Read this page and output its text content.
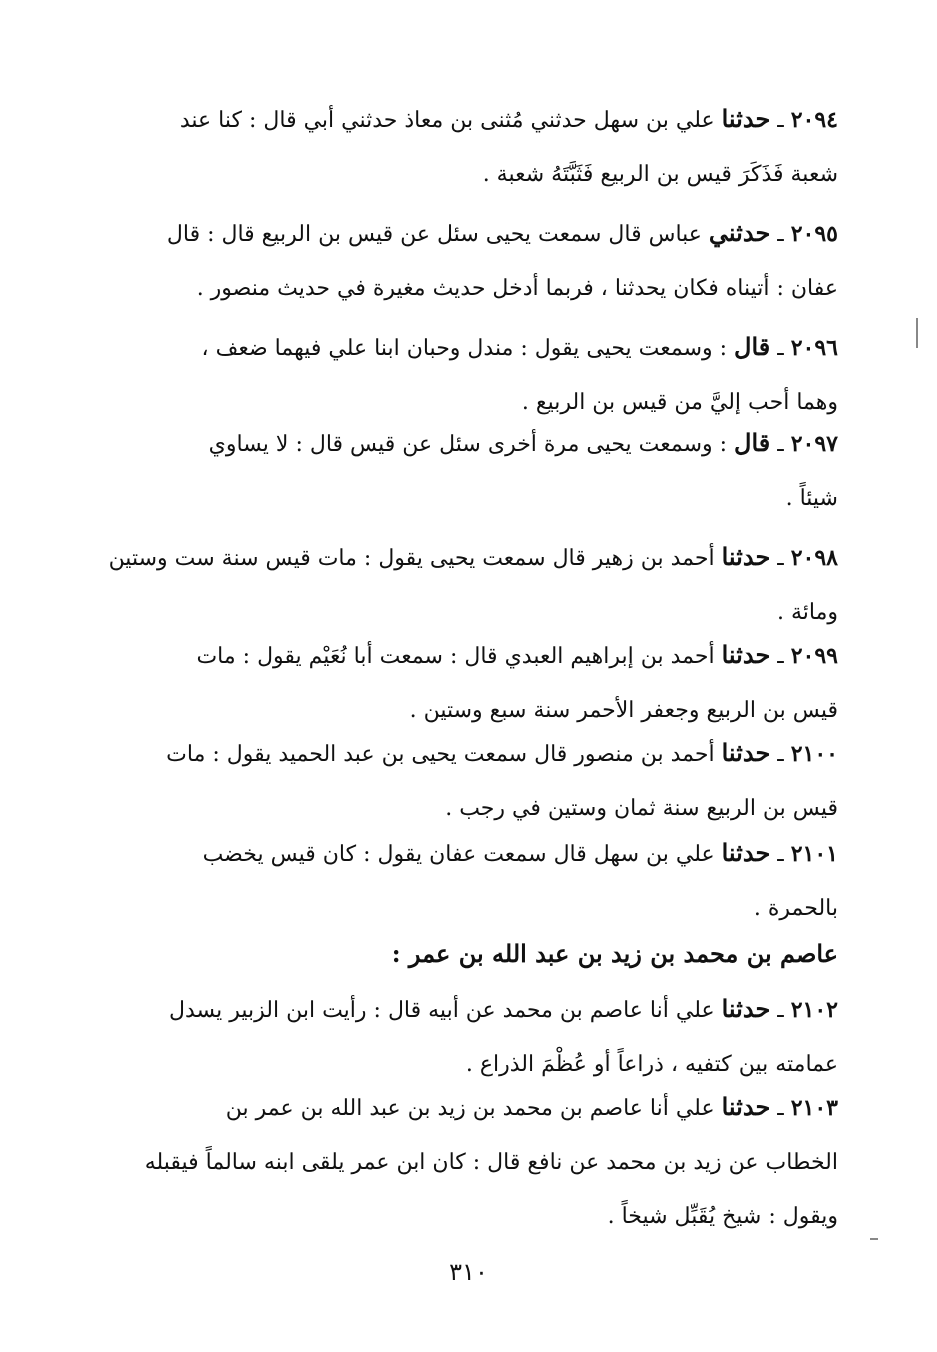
٢٠٩٤ ـ حدثنا علي بن سهل حدثني مُثنى بن معاذ حدثني أبي قال : كنا عند
شعبة فَذَكَرَ قيس بن الربيع فَثَبَّتَهُ شعبة .
٢٠٩٥ ـ حدثني عباس قال سمعت يحيى سئل عن قيس بن الربيع قال : قال
عفان : أتيناه فكان يحدثنا ، فربما أدخل حديث مغيرة في حديث منصور .
٢٠٩٦ ـ قال : وسمعت يحيى يقول : مندل وحبان ابنا علي فيهما ضعف ،
وهما أحب إليَّ من قيس بن الربيع .
٢٠٩٧ ـ قال : وسمعت يحيى مرة أخرى سئل عن قيس قال : لا يساوي
شيئاً .
٢٠٩٨ ـ حدثنا أحمد بن زهير قال سمعت يحيى يقول : مات قيس سنة ست وستين
ومائة .
٢٠٩٩ ـ حدثنا أحمد بن إبراهيم العبدي قال : سمعت أبا نُعَيْم يقول : مات
قيس بن الربيع وجعفر الأحمر سنة سبع وستين .
٢١٠٠ ـ حدثنا أحمد بن منصور قال سمعت يحيى بن عبد الحميد يقول : مات
قيس بن الربيع سنة ثمان وستين في رجب .
٢١٠١ ـ حدثنا علي بن سهل قال سمعت عفان يقول : كان قيس يخضب
بالحمرة .
عاصم بن محمد بن زيد بن عبد الله بن عمر :
٢١٠٢ ـ حدثنا علي أنا عاصم بن محمد عن أبيه قال : رأيت ابن الزبير يسدل
عمامته بين كتفيه ، ذراعاً أو عُظْمَ الذراع .
٢١٠٣ ـ حدثنا علي أنا عاصم بن محمد بن زيد بن عبد الله بن عمر بن
الخطاب عن زيد بن محمد عن نافع قال : كان ابن عمر يلقى ابنه سالماً فيقبله
ويقول : شيخ يُقَبِّل شيخاً .
٣١٠
